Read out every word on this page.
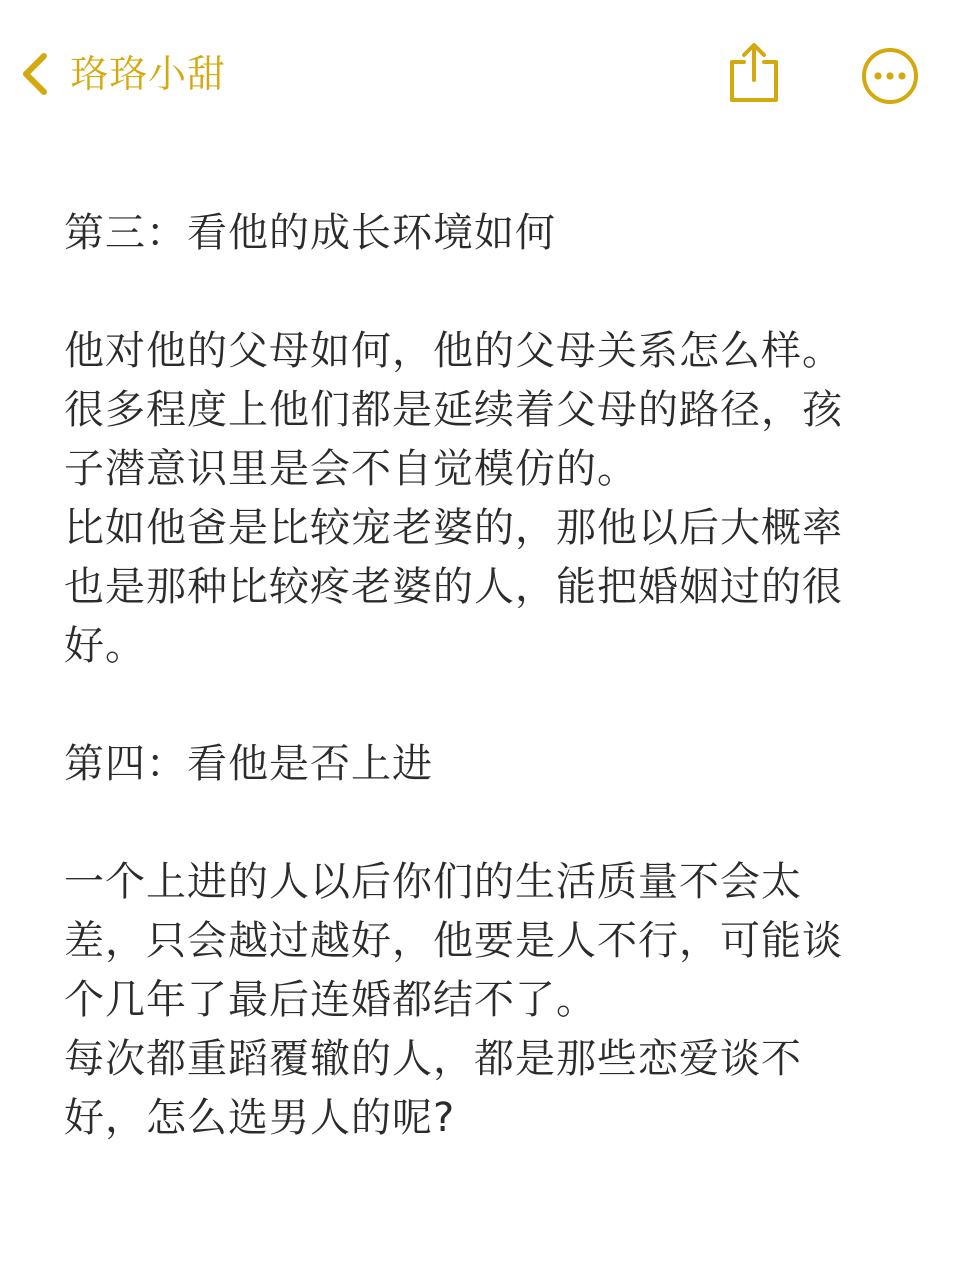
珞珞小甜
第三：看他的成长环境如何
他对他的父母如何，他的父母关系怎么样。
很多程度上他们都是延续着父母的路径，孩
子潜意识里是会不自觉模仿的。
比如他爸是比较宠老婆的，那他以后大概率
也是那种比较疼老婆的人，能把婚姻过的很
好。
第四：看他是否上进
一个上进的人以后你们的生活质量不会太
差，只会越过越好，他要是人不行，可能谈
个几年了最后连婚都结不了。
每次都重蹈覆辙的人，都是那些恋爱谈不
好，怎么选男人的呢?
